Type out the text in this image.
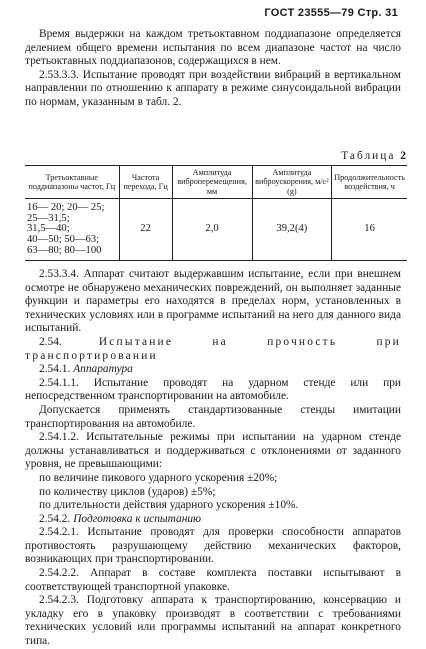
ГОСТ 23555—79 Стр. 31

Время выдержки на каждом третьоктавном поддиапазоне определяется делением общего времени испытания по всем диапазоне частот на число третьоктавных поддиапазонов, содержащихся в нем.

2.53.3.3. Испытание проводят при воздействии вибраций в вертикальном направлении по отношению к аппарату в режиме синусоидальной вибрации по нормам, указанным в табл. 2.

Таблица 2
Третьоктавные поддиапазоны частот, Гц	Частота перехода, Гц	Амплитуда виброперемещения, мм	Амплитуда виброускорения, м/с² (g)	Продолжительность воздействия, ч

16— 20; 20— 25;
25—31,5;
31,5—40;
40—50; 50—63;
63—80; 80—100	22	2,0	39,2(4)	16

2.53.3.4. Аппарат считают выдержавшим испытание, если при внешнем осмотре не обнаружено механических повреждений, он выполняет заданные функции и параметры его находятся в пределах норм, установленных в технических условиях или в программе испытаний на него для данного вида испытаний.

2.54.	Испытание на прочность при транспортировании

2.54.1. Аппаратура

2.54.1.1. Испытание проводят на ударном стенде или при непосредственном транспортировании на автомобиле.

Допускается применять стандартизованные стенды имитации транспортирования на автомобиле.

2.54.1.2. Испытательные режимы при испытании на ударном стенде должны устанавливаться и поддерживаться с отклонениями от заданного уровня, не превышающими:

по величине пикового ударного ускорения ±20%;

по количеству циклов (ударов) ±5%;

по длительности действия ударного ускорения ±10%.

2.54.2. Подготовка к испытанию

2.54.2.1. Испытание проводят для проверки способности аппаратов противостоять разрушающему действию механических факторов, возникающих при транспортировании.

2.54.2.2. Аппарат в составе комплекта поставки испытывают в соответствующей транспортной упаковке.

2.54.2.3. Подготовку аппарата к транспортированию, консервацию и укладку его в упаковку производят в соответствии с требованиями технических условий или программы испытаний на аппарат конкретного типа.
